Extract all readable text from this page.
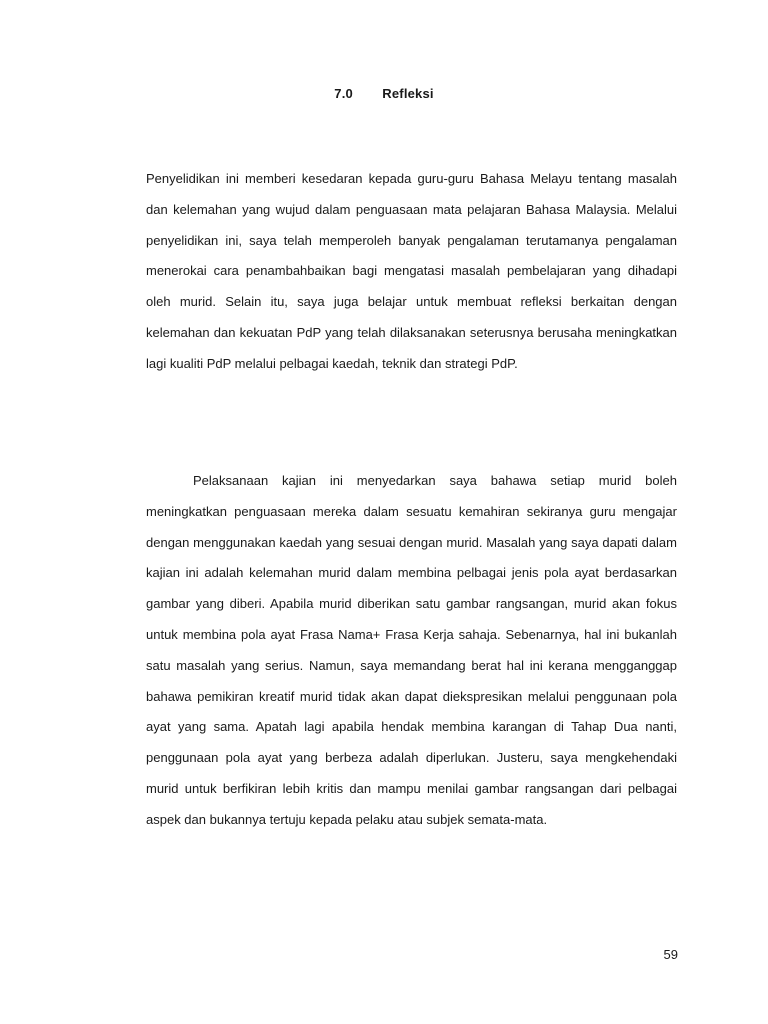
7.0 Refleksi

Penyelidikan ini memberi kesedaran kepada guru-guru Bahasa Melayu tentang masalah dan kelemahan yang wujud dalam penguasaan mata pelajaran Bahasa Malaysia. Melalui penyelidikan ini, saya telah memperoleh banyak pengalaman terutamanya pengalaman menerokai cara penambahbaikan bagi mengatasi masalah pembelajaran yang dihadapi oleh murid. Selain itu, saya juga belajar untuk membuat refleksi berkaitan dengan kelemahan dan kekuatan PdP yang telah dilaksanakan seterusnya berusaha meningkatkan lagi kualiti PdP melalui pelbagai kaedah, teknik dan strategi PdP.

Pelaksanaan kajian ini menyedarkan saya bahawa setiap murid boleh meningkatkan penguasaan mereka dalam sesuatu kemahiran sekiranya guru mengajar dengan menggunakan kaedah yang sesuai dengan murid. Masalah yang saya dapati dalam kajian ini adalah kelemahan murid dalam membina pelbagai jenis pola ayat berdasarkan gambar yang diberi. Apabila murid diberikan satu gambar rangsangan, murid akan fokus untuk membina pola ayat Frasa Nama+ Frasa Kerja sahaja. Sebenarnya, hal ini bukanlah satu masalah yang serius. Namun, saya memandang berat hal ini kerana mengganggap bahawa pemikiran kreatif murid tidak akan dapat diekspresikan melalui penggunaan pola ayat yang sama. Apatah lagi apabila hendak membina karangan di Tahap Dua nanti, penggunaan pola ayat yang berbeza adalah diperlukan. Justeru, saya mengkehendaki murid untuk berfikiran lebih kritis dan mampu menilai gambar rangsangan dari pelbagai aspek dan bukannya tertuju kepada pelaku atau subjek semata-mata.

59
